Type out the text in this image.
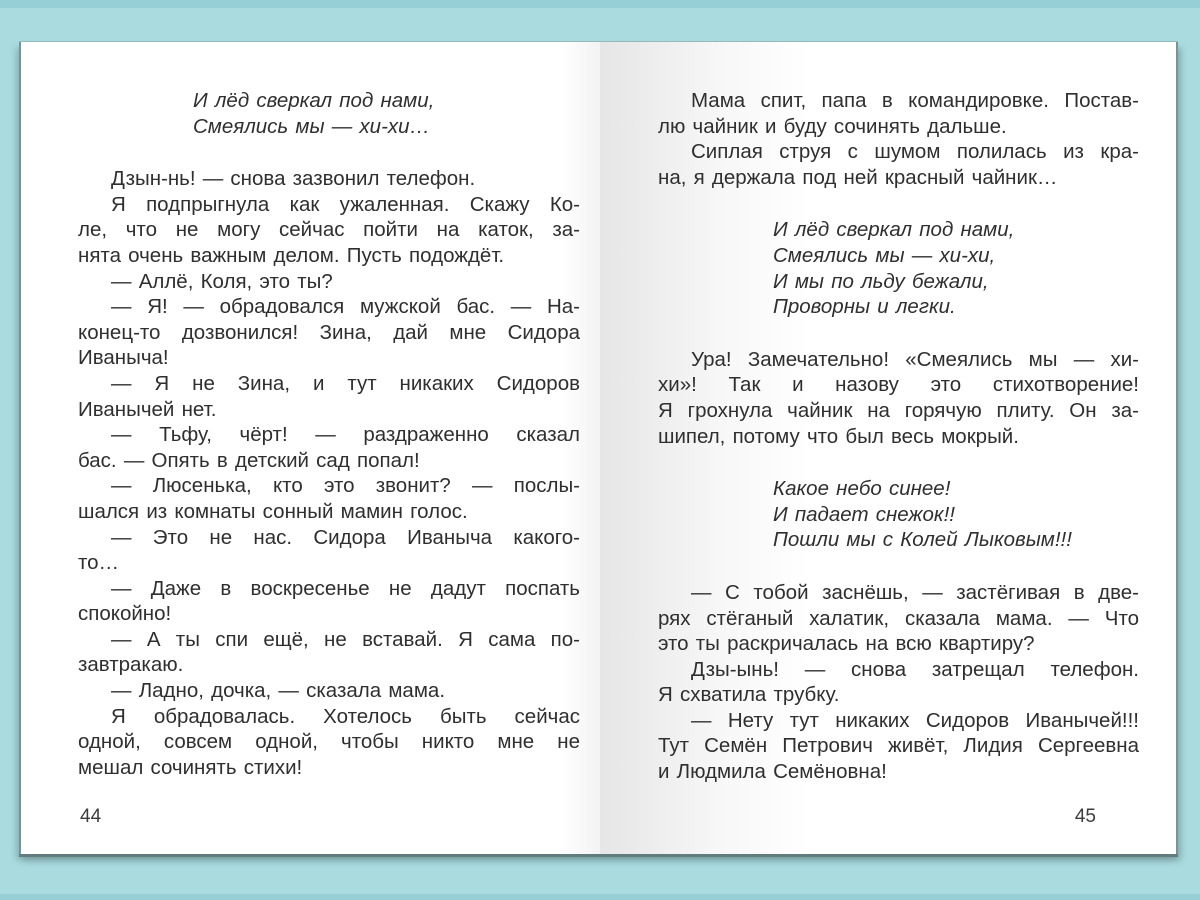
И лёд сверкал под нами,
Смеялись мы — хи-хи…
Дзын-нь! — снова зазвонил телефон.
Я подпрыгнула как ужаленная. Скажу Ко-
ле, что не могу сейчас пойти на каток, за-
нята очень важным делом. Пусть подождёт.
— Аллё, Коля, это ты?
— Я! — обрадовался мужской бас. — На-
конец-то дозвонился! Зина, дай мне Сидора
Иваныча!
— Я не Зина, и тут никаких Сидоров
Иванычей нет.
— Тьфу, чёрт! — раздраженно сказал
бас. — Опять в детский сад попал!
— Люсенька, кто это звонит? — послы-
шался из комнаты сонный мамин голос.
— Это не нас. Сидора Иваныча какого-
то…
— Даже в воскресенье не дадут поспать
спокойно!
— А ты спи ещё, не вставай. Я сама по-
завтракаю.
— Ладно, дочка, — сказала мама.
Я обрадовалась. Хотелось быть сейчас
одной, совсем одной, чтобы никто мне не
мешал сочинять стихи!
44
Мама спит, папа в командировке. Постав-
лю чайник и буду сочинять дальше.
Сиплая струя с шумом полилась из кра-
на, я держала под ней красный чайник…
И лёд сверкал под нами,
Смеялись мы — хи-хи,
И мы по льду бежали,
Проворны и легки.
Ура! Замечательно! «Смеялись мы — хи-
хи»! Так и назову это стихотворение!
Я грохнула чайник на горячую плиту. Он за-
шипел, потому что был весь мокрый.
Какое небо синее!
И падает снежок!!
Пошли мы с Колей Лыковым!!!
— С тобой заснёшь, — застёгивая в две-
рях стёганый халатик, сказала мама. — Что
это ты раскричалась на всю квартиру?
Дзы-ынь! — снова затрещал телефон.
Я схватила трубку.
— Нету тут никаких Сидоров Иванычей!!!
Тут Семён Петрович живёт, Лидия Сергеевна
и Людмила Семёновна!
45
